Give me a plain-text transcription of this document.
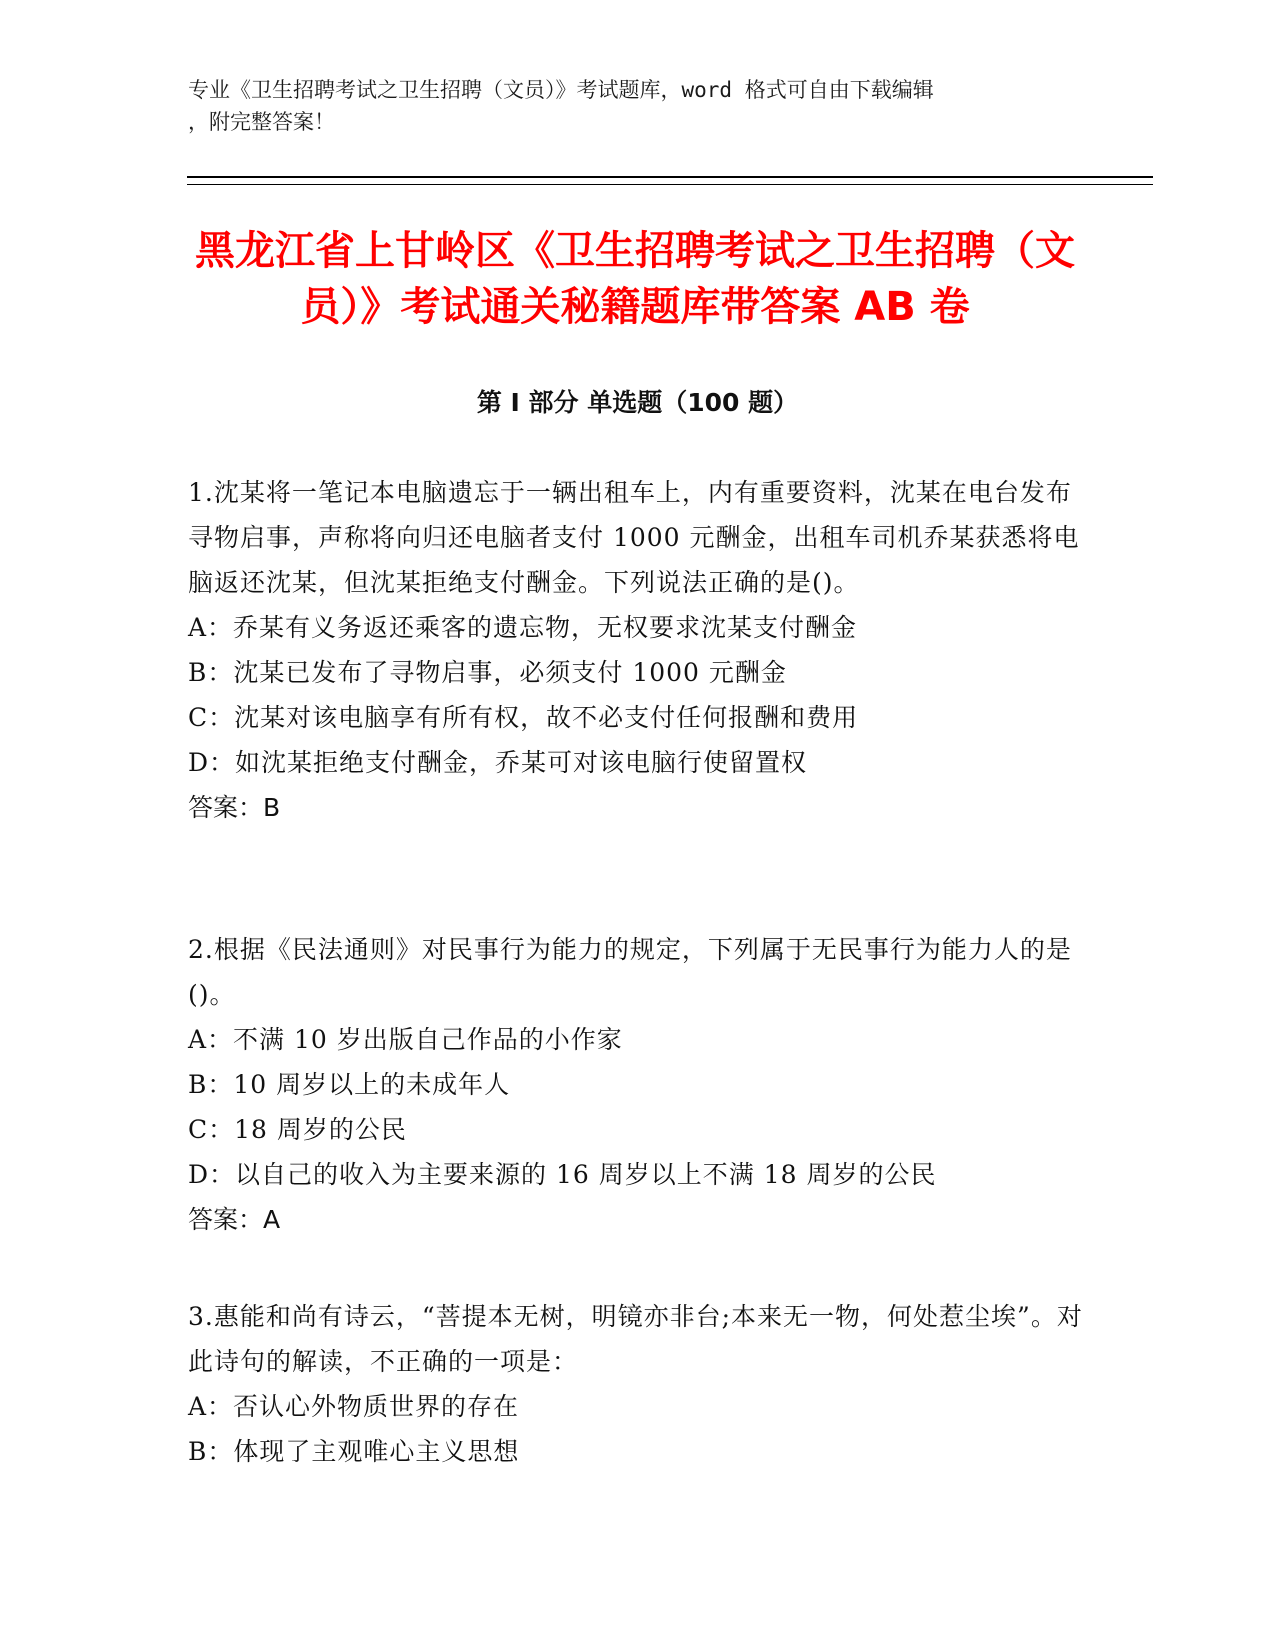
专业《卫生招聘考试之卫生招聘（文员）》考试题库，word 格式可自由下载编辑
，附完整答案！
黑龙江省上甘岭区《卫生招聘考试之卫生招聘（文员）》考试通关秘籍题库带答案 AB 卷
第 I 部分 单选题（100 题）

1.沈某将一笔记本电脑遗忘于一辆出租车上，内有重要资料，沈某在电台发布寻物启事，声称将向归还电脑者支付 1000 元酬金，出租车司机乔某获悉将电脑返还沈某，但沈某拒绝支付酬金。下列说法正确的是()。

A：乔某有义务返还乘客的遗忘物，无权要求沈某支付酬金

B：沈某已发布了寻物启事，必须支付 1000 元酬金

C：沈某对该电脑享有所有权，故不必支付任何报酬和费用

D：如沈某拒绝支付酬金，乔某可对该电脑行使留置权

答案：B

2.根据《民法通则》对民事行为能力的规定，下列属于无民事行为能力人的是()。

A：不满 10 岁出版自己作品的小作家

B：10 周岁以上的未成年人

C：18 周岁的公民

D：以自己的收入为主要来源的 16 周岁以上不满 18 周岁的公民

答案：A

3.惠能和尚有诗云，“菩提本无树，明镜亦非台;本来无一物，何处惹尘埃”。对此诗句的解读，不正确的一项是：

A：否认心外物质世界的存在

B：体现了主观唯心主义思想
